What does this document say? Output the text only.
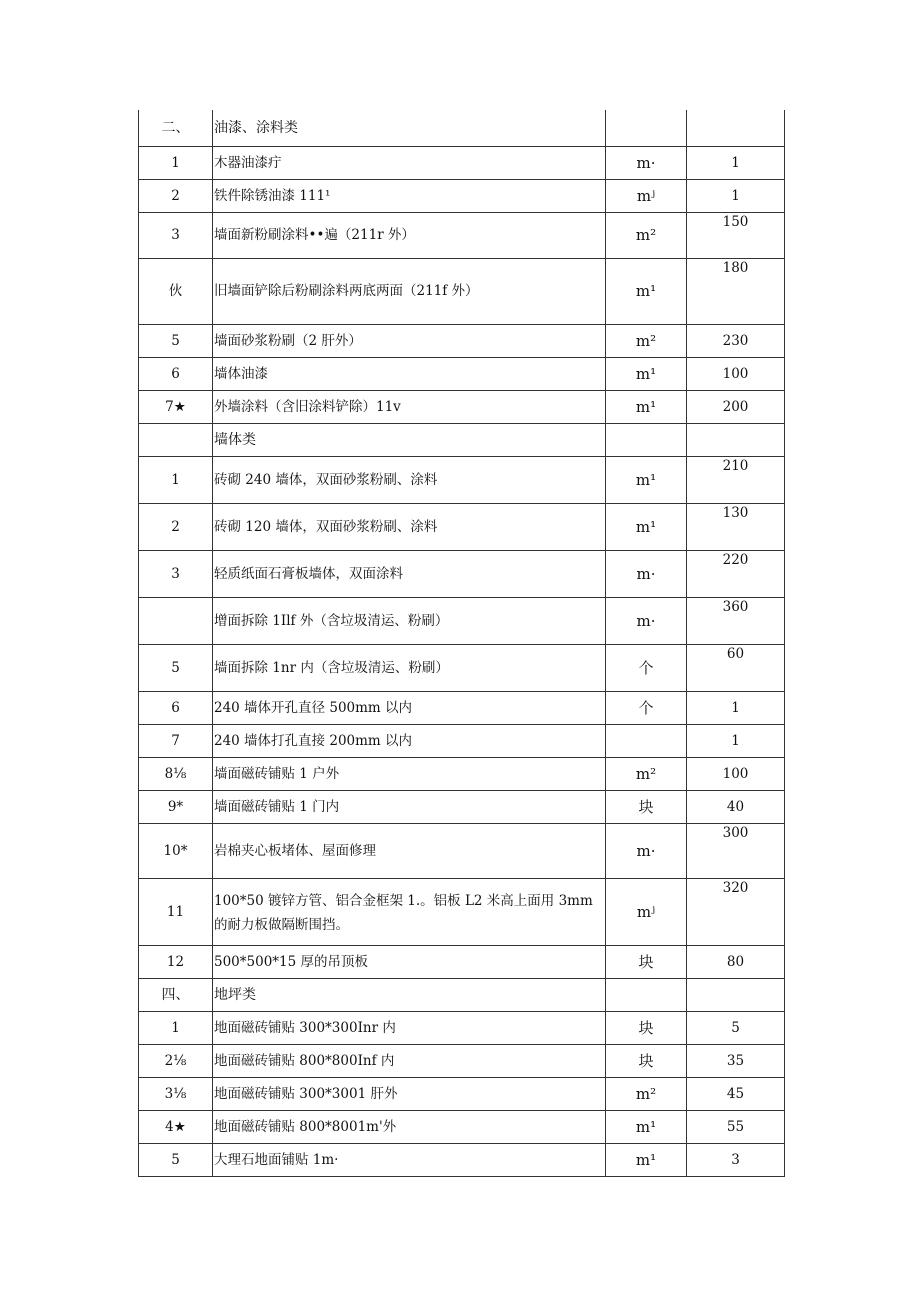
二、	油漆、涂料类		
1	木器油漆疔	m·	1
2	铁件除锈油漆 111¹	mʲ	1
3	墙面新粉刷涂料••遍（211r 外）	m²	150

伙	旧墙面铲除后粉刷涂料两底两面（211f 外）	m¹	180

5	墙面砂浆粉刷（2 肝外）	m²	230
6	墙体油漆	m¹	100
7★	外墙涂料（含旧涂料铲除）11v	m¹	200
	墙体类		
1	砖砌 240 墙体，双面砂浆粉刷、涂料	m¹	210

2	砖砌 120 墙体，双面砂浆粉刷、涂料	m¹	130

3	轻质纸面石膏板墙体，双面涂料	m·	220

	增面拆除 1Ilf 外（含垃圾清运、粉刷）	m·	360

5	墙面拆除 1nr 内（含垃圾清运、粉刷）	个	60

6	240 墙体开孔直径 500mm 以内	个	1
7	240 墙体打孔直接 200mm 以内		1
8⅛	墙面磁砖铺贴 1 户外	m²	100
9*	墙面磁砖铺贴 1 门内	块	40
10*	岩棉夹心板堵体、屋面修理	m·	300

11	100*50 镀锌方管、铝合金框架 1.。铝板 L2 米高上面用 3mm 的耐力板做隔断围挡。	mʲ	320

12	500*500*15 厚的吊顶板	块	80
四、	地坪类		
1	地面磁砖铺贴 300*300Inr 内	块	5
2⅛	地面磁砖铺贴 800*800Inf 内	块	35
3⅛	地面磁砖铺贴 300*3001 肝外	m²	45
4★	地面磁砖铺贴 800*8001m'外	m¹	55
5	大理石地面铺贴 1m·	m¹	3
